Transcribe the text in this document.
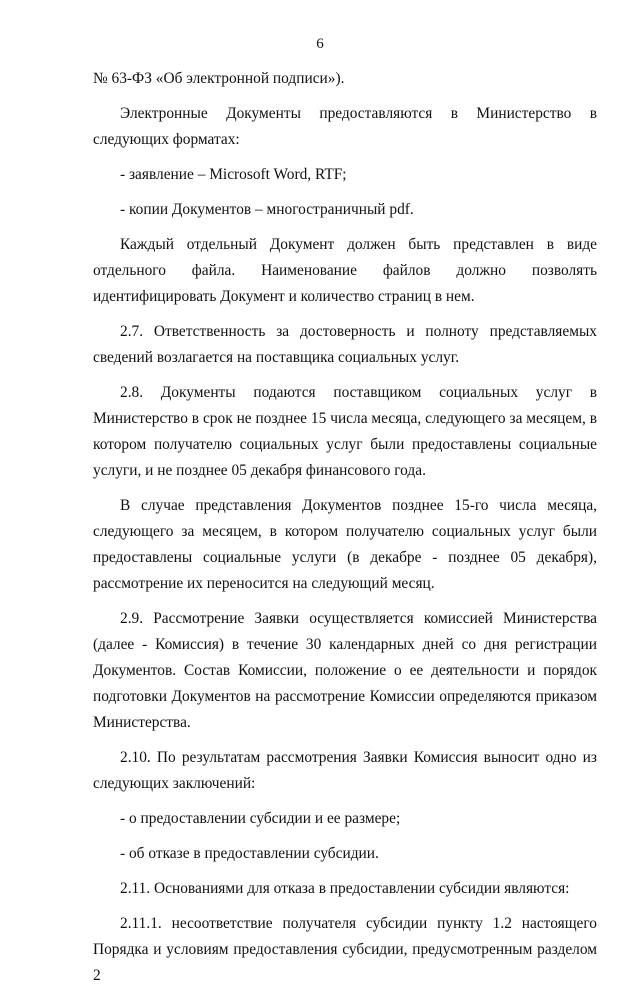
6

№ 63-ФЗ «Об электронной подписи»).

Электронные Документы предоставляются в Министерство в следующих форматах:

- заявление – Microsoft Word, RTF;

- копии Документов – многостраничный pdf.

Каждый отдельный Документ должен быть представлен в виде отдельного файла. Наименование файлов должно позволять идентифицировать Документ и количество страниц в нем.

2.7. Ответственность за достоверность и полноту представляемых сведений возлагается на поставщика социальных услуг.

2.8. Документы подаются поставщиком социальных услуг в Министерство в срок не позднее 15 числа месяца, следующего за месяцем, в котором получателю социальных услуг были предоставлены социальные услуги, и не позднее 05 декабря финансового года.

В случае представления Документов позднее 15-го числа месяца, следующего за месяцем, в котором получателю социальных услуг были предоставлены социальные услуги (в декабре - позднее 05 декабря), рассмотрение их переносится на следующий месяц.

2.9. Рассмотрение Заявки осуществляется комиссией Министерства (далее - Комиссия) в течение 30 календарных дней со дня регистрации Документов. Состав Комиссии, положение о ее деятельности и порядок подготовки Документов на рассмотрение Комиссии определяются приказом Министерства.

2.10. По результатам рассмотрения Заявки Комиссия выносит одно из следующих заключений:

- о предоставлении субсидии и ее размере;

- об отказе в предоставлении субсидии.

2.11. Основаниями для отказа в предоставлении субсидии являются:

2.11.1. несоответствие получателя субсидии пункту 1.2 настоящего Порядка и условиям предоставления субсидии, предусмотренным разделом 2
